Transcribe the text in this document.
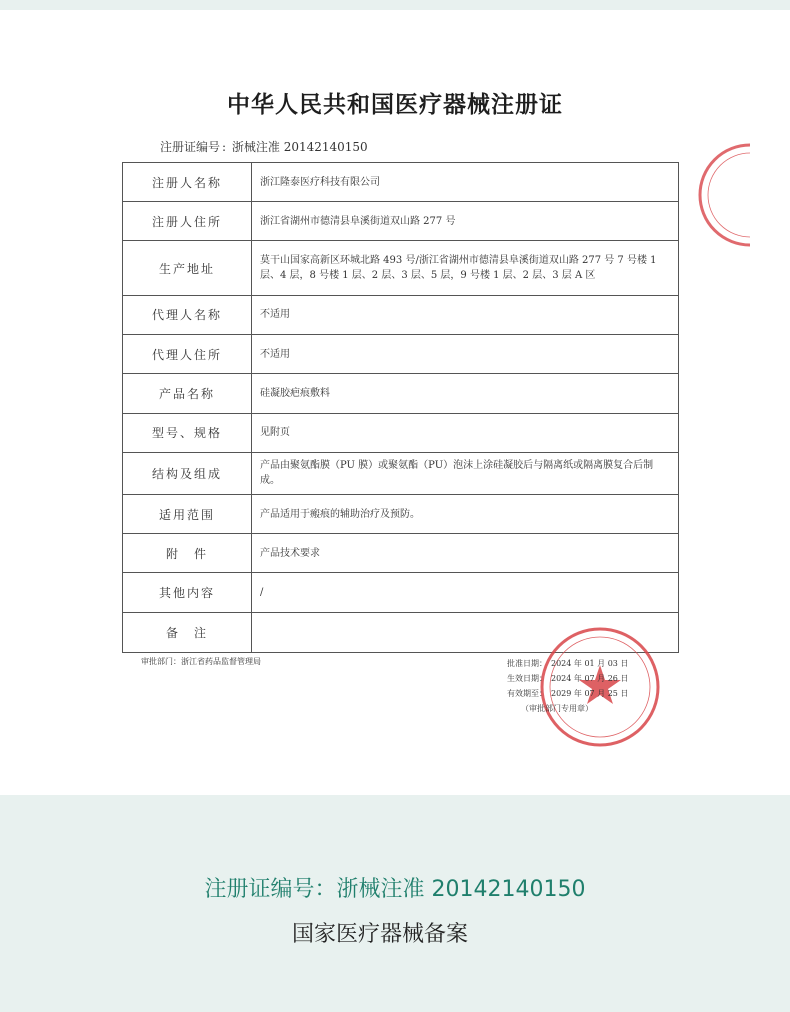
中华人民共和国医疗器械注册证
注册证编号 : 浙械注准 20142140150
注册人名称	浙江隆泰医疗科技有限公司
注册人住所	浙江省湖州市德清县阜溪街道双山路 277 号
生产地址	莫干山国家高新区环城北路 493 号/浙江省湖州市德清县阜溪街道双山路 277 号 7 号楼 1 层、4 层，8 号楼 1 层、2 层、3 层、5 层，9 号楼 1 层、2 层、3 层 A 区
代理人名称	不适用
代理人住所	不适用
产品名称	硅凝胶疤痕敷料
型号、规格	见附页
结构及组成	产品由聚氨酯膜（PU 膜）或聚氨酯（PU）泡沫上涂硅凝胶后与隔离纸或隔离膜复合后制成。
适用范围	产品适用于瘢痕的辅助治疗及预防。
附　件	产品技术要求
其他内容	/
备　注	
审批部门：浙江省药品监督管理局	批准日期： 2024 年 01 月 03 日
生效日期： 2024 年 07 月 26 日
有效期至： 2029 年 07 月 25 日
（审批部门专用章）
注册证编号：浙械注准 20142140150
国家医疗器械备案
